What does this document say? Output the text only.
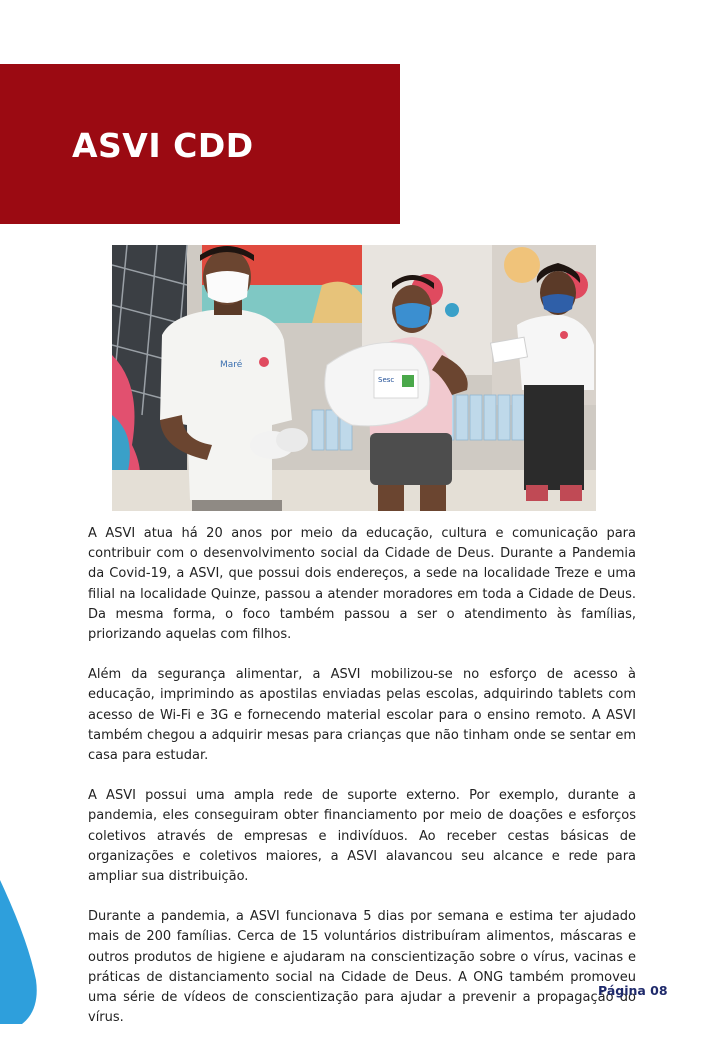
ASVI CDD
Maré
Sesc

A ASVI atua há 20 anos por meio da educação, cultura e comunicação para contribuir com o desenvolvimento social da Cidade de Deus. Durante a Pandemia da Covid-19, a ASVI, que possui dois endereços, a sede na localidade Treze e uma filial na localidade Quinze, passou a atender moradores em toda a Cidade de Deus. Da mesma forma, o foco também passou a ser o atendimento às famílias, priorizando aquelas com filhos.

Além da segurança alimentar, a ASVI mobilizou-se no esforço de acesso à educação, imprimindo as apostilas enviadas pelas escolas, adquirindo tablets com acesso de Wi-Fi e 3G e fornecendo material escolar para o ensino remoto. A ASVI também chegou a adquirir mesas para crianças que não tinham onde se sentar em casa para estudar.

A ASVI possui uma ampla rede de suporte externo. Por exemplo, durante a pandemia, eles conseguiram obter financiamento por meio de doações e esforços coletivos através de empresas e indivíduos. Ao receber cestas básicas de organizações e coletivos maiores, a ASVI alavancou seu alcance e rede para ampliar sua distribuição.

Durante a pandemia, a ASVI funcionava 5 dias por semana e estima ter ajudado mais de 200 famílias. Cerca de 15 voluntários distribuíram alimentos, máscaras e outros produtos de higiene e ajudaram na conscientização sobre o vírus, vacinas e práticas de distanciamento social na Cidade de Deus. A ONG também promoveu uma série de vídeos de conscientização para ajudar a prevenir a propagação do vírus.

Página 08
